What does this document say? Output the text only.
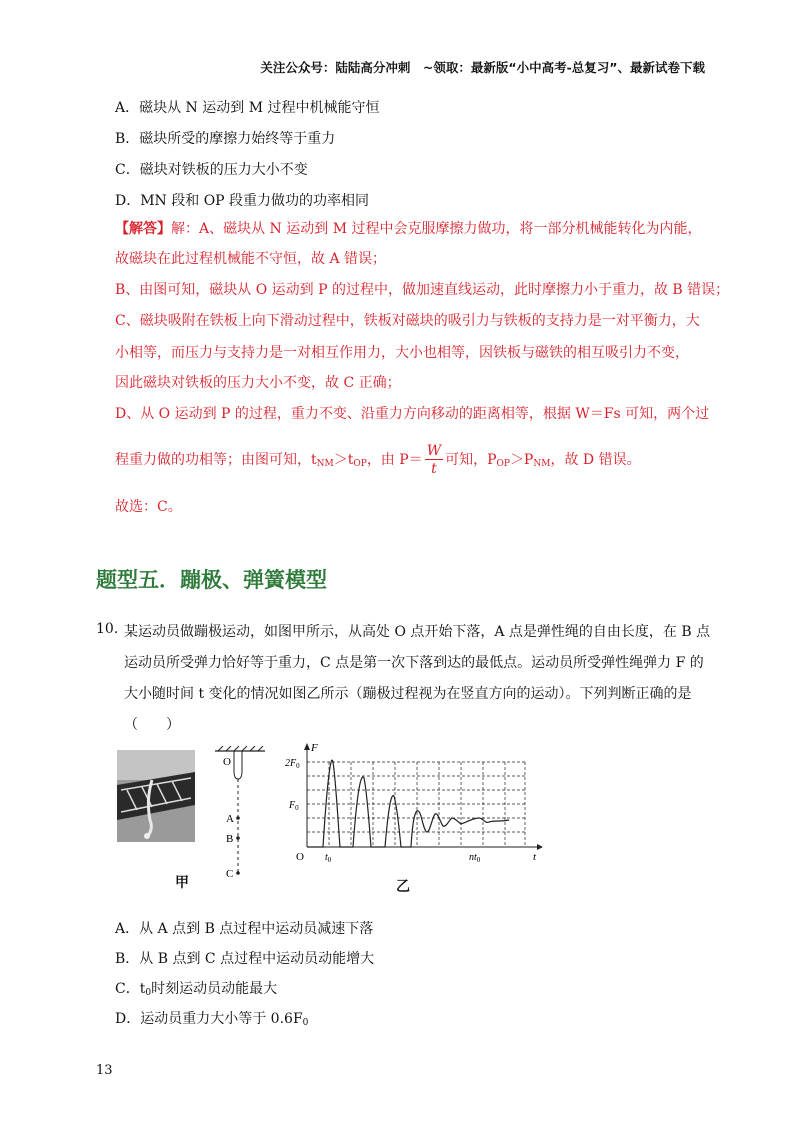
关注公众号：陆陆高分冲刺　~领取：最新版“小中高考-总复习”、最新试卷下载
A．磁块从 N 运动到 M 过程中机械能守恒
B．磁块所受的摩擦力始终等于重力
C．磁块对铁板的压力大小不变
D．MN 段和 OP 段重力做功的功率相同
【解答】解：A、磁块从 N 运动到 M 过程中会克服摩擦力做功，将一部分机械能转化为内能，
故磁块在此过程机械能不守恒，故 A 错误；
B、由图可知，磁块从 O 运动到 P 的过程中，做加速直线运动，此时摩擦力小于重力，故 B 错误；
C、磁块吸附在铁板上向下滑动过程中，铁板对磁块的吸引力与铁板的支持力是一对平衡力，大
小相等，而压力与支持力是一对相互作用力，大小也相等，因铁板与磁铁的相互吸引力不变，
因此磁块对铁板的压力大小不变，故 C 正确；
D、从 O 运动到 P 的过程，重力不变、沿重力方向移动的距离相等，根据 W＝Fs 可知，两个过
程重力做的功相等；由图可知，$t_{NM}>t_{OP}$，由 $P= \frac{W}{t}$ 可知，$P_{OP}>P_{NM}$，故 D 错误。
故选：C。
题型五．蹦极、弹簧模型
10. 某运动员做蹦极运动，如图甲所示，从高处 O 点开始下落，A 点是弹性绳的自由长度，在 B 点
运动员所受弹力恰好等于重力，C 点是第一次下落到达的最低点。运动员所受弹性绳弹力 F 的
大小随时间 t 变化的情况如图乙所示（蹦极过程视为在竖直方向的运动）。下列判断正确的是
（　　）
O
A
B
C
F
t
O
$2F_0$
$F_0$
$t_0$	$nt_0$
甲	乙
A．从 A 点到 B 点过程中运动员减速下落
B．从 B 点到 C 点过程中运动员动能增大
C．$t_0$时刻运动员动能最大
D．运动员重力大小等于 $0.6F_0$
13
